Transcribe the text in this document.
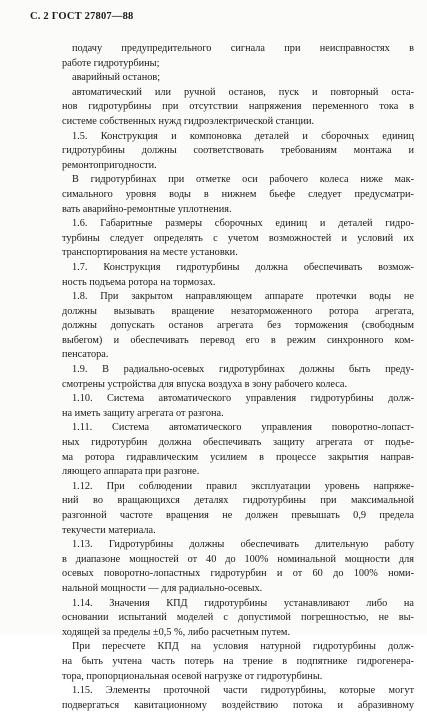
С. 2 ГОСТ 27807—88
подачу предупредительного сигнала при неисправностях в
работе гидротурбины;
аварийный останов;
автоматический или ручной останов, пуск и повторный оста-
нов гидротурбины при отсутствии напряжения переменного тока в
системе собственных нужд гидроэлектрической станции.
1.5. Конструкция и компоновка деталей и сборочных единиц
гидротурбины должны соответствовать требованиям монтажа и
ремонтопригодности.
В гидротурбинах при отметке оси рабочего колеса ниже мак-
симального уровня воды в нижнем бьефе следует предусматри-
вать аварийно-ремонтные уплотнения.
1.6. Габаритные размеры сборочных единиц и деталей гидро-
турбины следует определять с учетом возможностей и условий их
транспортирования на месте установки.
1.7. Конструкция гидротурбины должна обеспечивать возмож-
ность подъема ротора на тормозах.
1.8. При закрытом направляющем аппарате протечки воды не
должны вызывать вращение незаторможенного ротора агрегата,
должны допускать останов агрегата без торможения (свободным
выбегом) и обеспечивать перевод его в режим синхронного ком-
пенсатора.
1.9. В радиально-осевых гидротурбинах должны быть преду-
смотрены устройства для впуска воздуха в зону рабочего колеса.
1.10. Система автоматического управления гидротурбины долж-
на иметь защиту агрегата от разгона.
1.11. Система автоматического управления поворотно-лопаст-
ных гидротурбин должна обеспечивать защиту агрегата от подъе-
ма ротора гидравлическим усилием в процессе закрытия направ-
ляющего аппарата при разгоне.
1.12. При соблюдении правил эксплуатации уровень напряже-
ний во вращающихся деталях гидротурбины при максимальной
разгонной частоте вращения не должен превышать 0,9 предела
текучести материала.
1.13. Гидротурбины должны обеспечивать длительную работу
в диапазоне мощностей от 40 до 100% номинальной мощности для
осевых поворотно-лопастных гидротурбин и от 60 до 100% номи-
нальной мощности — для радиально-осевых.
1.14. Значения КПД гидротурбины устанавливают либо на
основании испытаний моделей с допустимой погрешностью, не вы-
ходящей за пределы ±0,5 %, либо расчетным путем.
При пересчете КПД на условия натурной гидротурбины долж-
на быть учтена часть потерь на трение в подпятнике гидрогенера-
тора, пропорциональная осевой нагрузке от гидротурбины.
1.15. Элементы проточной части гидротурбины, которые могут
подвергаться кавитационному воздействию потока и абразивному
